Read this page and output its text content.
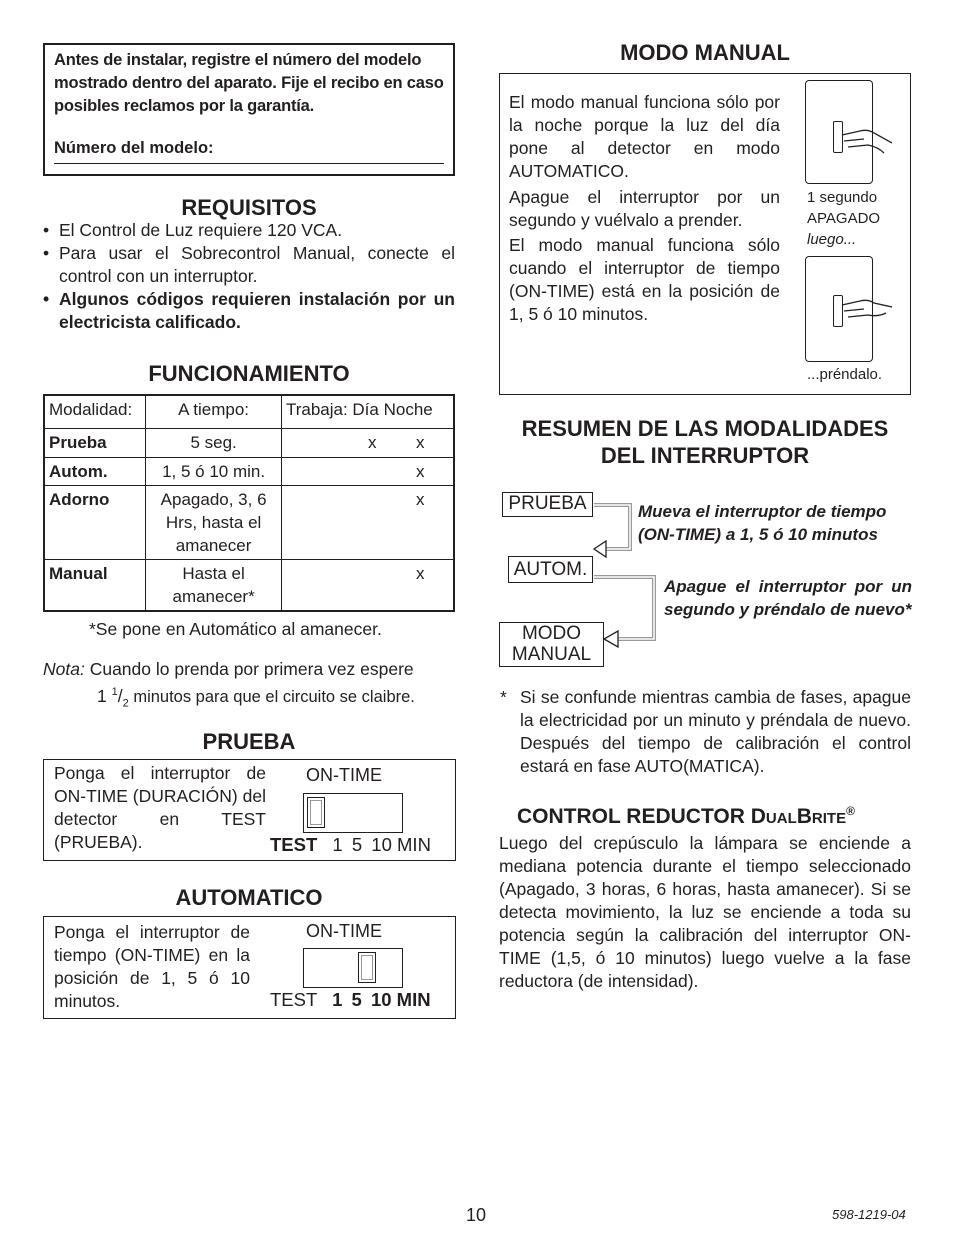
Antes de instalar, registre el número del modelo mostrado dentro del aparato. Fije el recibo en caso posibles reclamos por la garantía.
Número del modelo:
REQUISITOS
• El Control de Luz requiere 120 VCA.
• Para usar el Sobrecontrol Manual, conecte el control con un interruptor.
• Algunos códigos requieren instalación por un electricista calificado.
FUNCIONAMIENTO
Modalidad:	A tiempo:	Trabaja: Día Noche
Prueba	5 seg.	x x

Autom.	1, 5 ó 10 min.	x

Adorno	Apagado, 3, 6 Hrs, hasta el amanecer	x

Manual	Hasta el amanecer*	x
*Se pone en Automático al amanecer.
Nota: Cuando lo prenda por primera vez espere
1 $^1/_2$ minutos para que el circuito se claibre.
PRUEBA
Ponga el interruptor de ON-TIME (DURACIÓN) del detector en TEST (PRUEBA).
ON-TIME
TEST 1 5 10 MIN
AUTOMATICO
Ponga el interruptor de tiempo (ON-TIME) en la posición de 1, 5 ó 10 minutos.
ON-TIME
TEST 1 5 10 MIN
MODO MANUAL
El modo manual funciona sólo por la noche porque la luz del día pone al detector en modo AUTOMATICO.
Apague el interruptor por un segundo y vuélvalo a prender.
El modo manual funciona sólo cuando el interruptor de tiempo (ON-TIME) está en la posición de 1, 5 ó 10 minutos.
1 segundo
APAGADO
luego...
...préndalo.
RESUMEN DE LAS MODALIDADES
DEL INTERRUPTOR
PRUEBA
AUTOM.
MODO
MANUAL
Mueva el interruptor de tiempo (ON-TIME) a 1, 5 ó 10 minutos
Apague el interruptor por un segundo y préndalo de nuevo*
* Si se confunde mientras cambia de fases, apague la electricidad por un minuto y préndala de nuevo. Después del tiempo de calibración el control estará en fase AUTO(MATICA).
CONTROL REDUCTOR DUALBRITE®
Luego del crepúsculo la lámpara se enciende a mediana potencia durante el tiempo seleccionado (Apagado, 3 horas, 6 horas, hasta amanecer). Si se detecta movimiento, la luz se enciende a toda su potencia según la calibración del interruptor ON-TIME (1,5, ó 10 minutos) luego vuelve a la fase reductora (de intensidad).
10	598-1219-04
